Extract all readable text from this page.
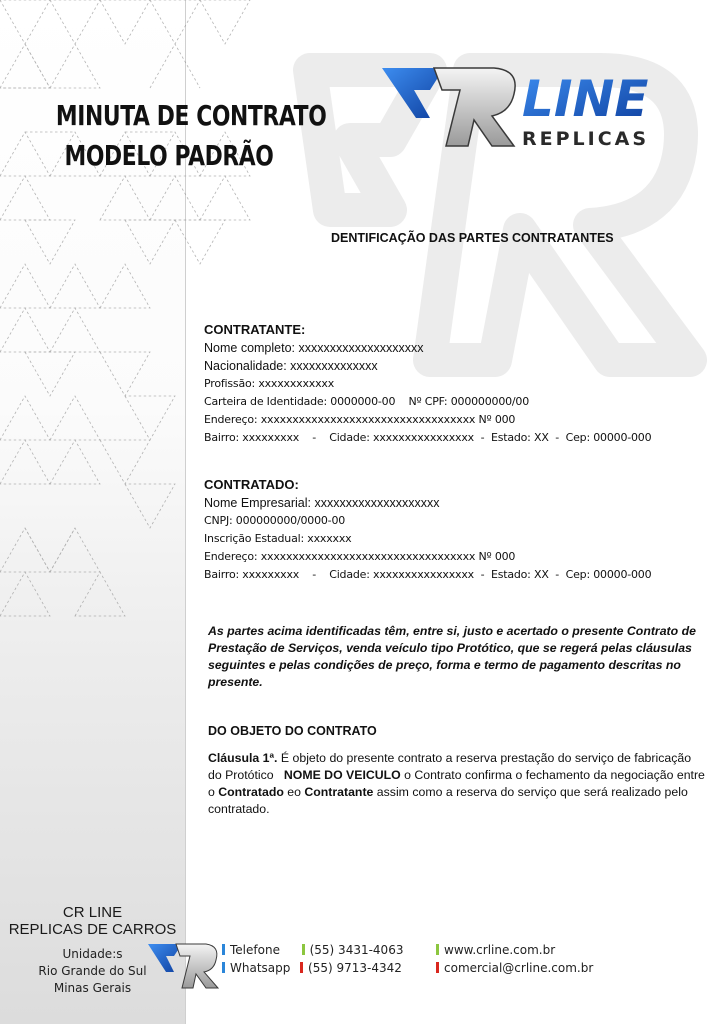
MINUTA DE CONTRATO
MODELO PADRÃO
LINE
REPLICAS
DENTIFICAÇÃO DAS PARTES CONTRATANTES
CONTRATANTE:
Nome completo: xxxxxxxxxxxxxxxxxxxx
Nacionalidade: xxxxxxxxxxxxxx
Profissão: xxxxxxxxxxxx
Carteira de Identidade: 0000000-00    Nº CPF: 000000000/00
Endereço: xxxxxxxxxxxxxxxxxxxxxxxxxxxxxxxxxx Nº 000
Bairro: xxxxxxxxx    -    Cidade: xxxxxxxxxxxxxxxx  -  Estado: XX  -  Cep: 00000-000
CONTRATADO:
Nome Empresarial: xxxxxxxxxxxxxxxxxxxx
CNPJ: 000000000/0000-00
Inscrição Estadual: xxxxxxx
Endereço: xxxxxxxxxxxxxxxxxxxxxxxxxxxxxxxxxx Nº 000
Bairro: xxxxxxxxx    -    Cidade: xxxxxxxxxxxxxxxx  -  Estado: XX  -  Cep: 00000-000
As partes acima identificadas têm, entre si, justo e acertado o presente Contrato de Prestação de Serviços, venda veículo tipo Protótico, que se regerá pelas cláusulas seguintes e pelas condições de preço, forma e termo de pagamento descritas no presente.
DO OBJETO DO CONTRATO
Cláusula 1ª. É objeto do presente contrato a reserva prestação do serviço de fabricação do Protótico   NOME DO VEICULO o Contrato confirma o fechamento da negociação entre o Contratado eo Contratante assim como a reserva do serviço que será realizado pelo contratado.
CR LINE
REPLICAS DE CARROS
Unidade:s
Rio Grande do Sul
Minas Gerais
Telefone (55) 3431-4063
Whatsapp (55) 9713-4342
www.crline.com.br
comercial@crline.com.br
